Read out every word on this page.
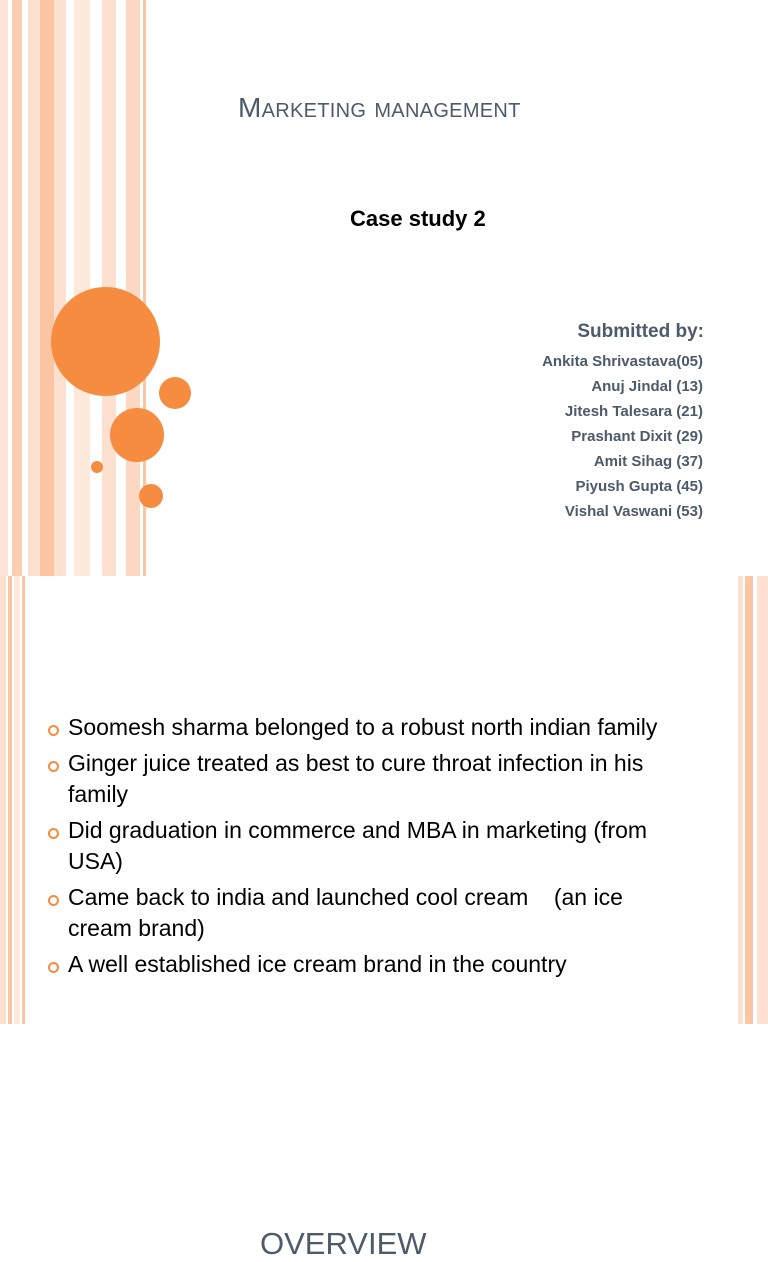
Marketing management
Case study 2
Submitted by:
Ankita Shrivastava(05)
Anuj Jindal (13)
Jitesh Talesara (21)
Prashant Dixit (29)
Amit Sihag (37)
Piyush Gupta (45)
Vishal Vaswani (53)
OVERVIEW
Soomesh sharma belonged to a robust north indian family
Ginger juice treated as best to cure throat infection in his family
Did graduation in commerce and MBA in marketing (from USA)
Came back to india and launched cool cream    (an ice cream brand)
A well established ice cream brand in the country
